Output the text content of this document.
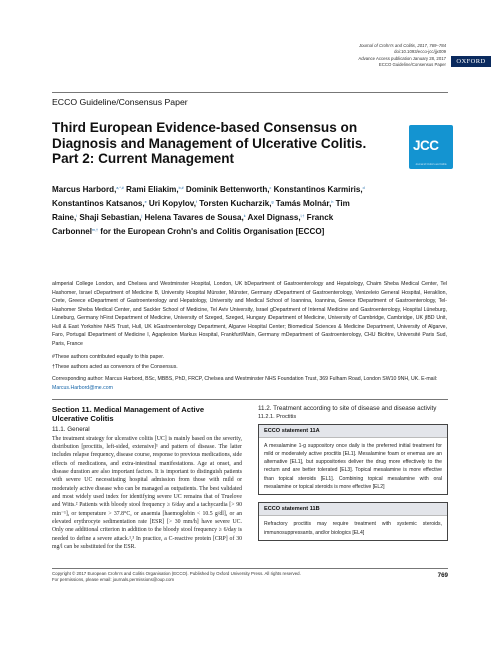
Journal of Crohn's and Colitis, 2017, 769–784
doi:10.1093/ecco-jcc/jjx009
Advance Access publication January 28, 2017
ECCO Guideline/Consensus Paper	OXFORD
ECCO Guideline/Consensus Paper
Third European Evidence-based Consensus on Diagnosis and Management of Ulcerative Colitis. Part 2: Current Management
JCC
Journal of Crohn's and Colitis
Marcus Harbord,$^{a,*,\#}$ Rami Eliakim,$^{b,\#}$ Dominik Bettenworth,$^c$ Konstantinos Karmiris,$^d$ Konstantinos Katsanos,$^e$ Uri Kopylov,$^f$ Torsten Kucharzik,$^g$ Tamás Molnár,$^h$ Tim Raine,$^i$ Shaji Sebastian,$^j$ Helena Tavares de Sousa,$^k$ Axel Dignass,$^{l,\dagger}$ Franck Carbonnel$^{m,\dagger}$ for the European Crohn's and Colitis Organisation [ECCO]
aImperial College London, and Chelsea and Westminster Hospital, London, UK bDepartment of Gastroenterology and Hepatology, Chaim Sheba Medical Center, Tel Hashomer, Israel cDepartment of Medicine B, University Hospital Münster, Münster, Germany dDepartment of Gastroenterology, Venizeleio General Hospital, Heraklion, Crete, Greece eDepartment of Gastroenterology and Hepatology, University and Medical School of Ioannina, Ioannina, Greece fDepartment of Gastroenterology, Tel-Hashomer Sheba Medical Center, and Sackler School of Medicine, Tel Aviv University, Israel gDepartment of Internal Medicine and Gastroenterology, Hospital Lüneburg, Lüneburg, Germany hFirst Department of Medicine, University of Szeged, Szeged, Hungary iDepartment of Medicine, University of Cambridge, Cambridge, UK jIBD Unit, Hull & East Yorkshire NHS Trust, Hull, UK kGastroenterology Department, Algarve Hospital Center; Biomedical Sciences & Medicine Department, University of Algarve, Faro, Portugal lDepartment of Medicine I, Agaplesion Markus Hospital, Frankfurt/Main, Germany mDepartment of Gastroenterology, CHU Bicêtre, Université Paris Sud, Paris, France
#These authors contributed equally to this paper.
†These authors acted as convenors of the Consensus.
Corresponding author: Marcus Harbord, BSc, MBBS, PhD, FRCP, Chelsea and Westminster NHS Foundation Trust, 369 Fulham Road, London SW10 9NH, UK. E-mail: Marcus.Harbord@me.com
Section 11. Medical Management of Active Ulcerative Colitis
11.1. General
The treatment strategy for ulcerative colitis [UC] is mainly based on the severity, distribution [proctitis, left-sided, extensive]¹ and pattern of disease. The latter includes relapse frequency, disease course, response to previous medications, side effects of medications, and extra-intestinal manifestations. Age at onset, and disease duration are also important factors. It is important to distinguish patients with severe UC necessitating hospital admission from those with mild or moderately active disease who can be managed as outpatients. The best validated and most widely used index for identifying severe UC remains that of Truelove and Witts.² Patients with bloody stool frequency ≥ 6/day and a tachycardia [> 90 min⁻¹], or temperature > 37.8°C, or anaemia [haemoglobin < 10.5 g/dl], or an elevated erythrocyte sedimentation rate [ESR] [> 30 mm/h] have severe UC. Only one additional criterion in addition to the bloody stool frequency ≥ 6/day is needed to define a severe attack.¹,³ In practice, a C-reactive protein [CRP] of 30 mg/l can be substituted for the ESR.
11.2. Treatment according to site of disease and disease activity
11.2.1. Proctitis
ECCO statement 11A
A mesalamine 1-g suppository once daily is the preferred initial treatment for mild or moderately active proctitis [EL1]. Mesalamine foam or enemas are an alternative [EL1], but suppositories deliver the drug more effectively to the rectum and are better tolerated [EL3]. Topical mesalamine is more effective than topical steroids [EL1]. Combining topical mesalamine with oral mesalamine or topical steroids is more effective [EL2]
ECCO statement 11B
Refractory proctitis may require treatment with systemic steroids, immunosuppressants, and/or biologics [EL4]
Copyright © 2017 European Crohn's and Colitis Organisation (ECCO). Published by Oxford University Press. All rights reserved.
For permissions, please email: journals.permissions@oup.com
769
